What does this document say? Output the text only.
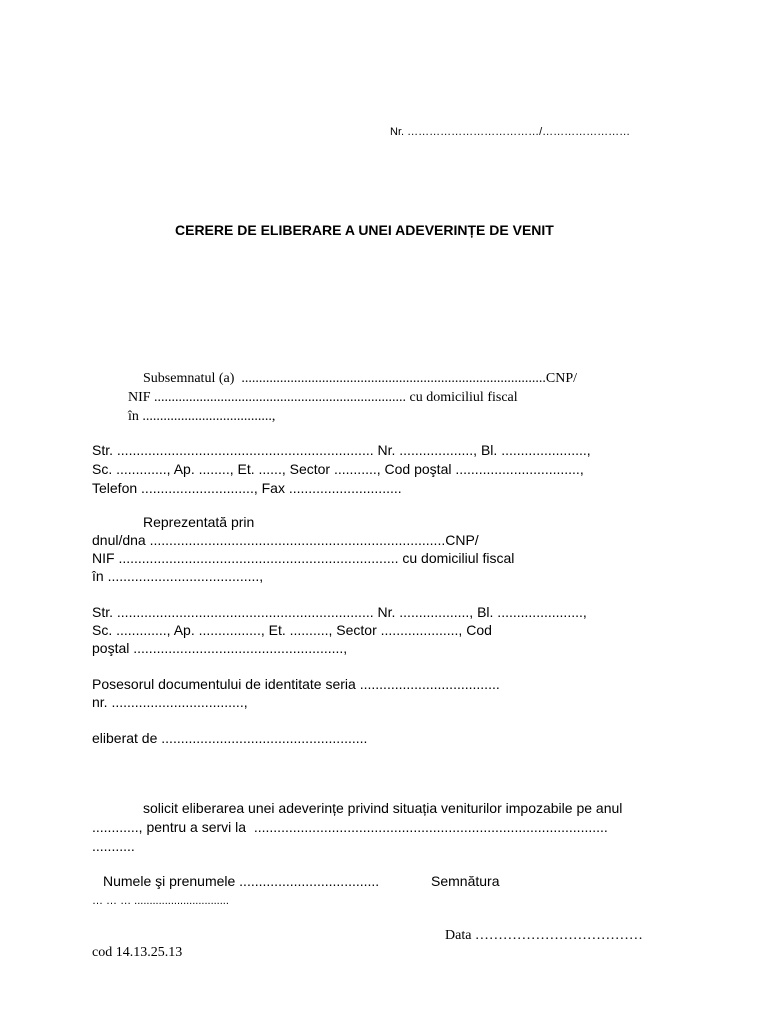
Nr. ………………………………/……………………
CERERE DE ELIBERARE A UNEI ADEVERINȚE DE VENIT
Subsemnatul (a)  .......................................................................................CNP/
NIF ........................................................................ cu domiciliul fiscal
în .....................................,
Str. .................................................................. Nr. ..................., Bl. ......................,
Sc. ............., Ap. ........, Et. ......, Sector ..........., Cod poştal ................................,
Telefon ............................., Fax .............................
Reprezentată prin
dnul/dna ............................................................................CNP/
NIF ........................................................................ cu domiciliul fiscal
în .......................................,
Str. .................................................................. Nr. .................., Bl. ......................,
Sc. ............., Ap. ................, Et. .........., Sector ...................., Cod
poştal ......................................................,
Posesorul documentului de identitate seria ....................................
nr. ..................................,
eliberat de .....................................................
solicit eliberarea unei adeverințe privind situația veniturilor impozabile pe anul
............, pentru a servi la  ...........................................................................................
...........
Numele şi prenumele ....................................	Semnătura
… … … ...............................
Data ………………………………
cod 14.13.25.13
